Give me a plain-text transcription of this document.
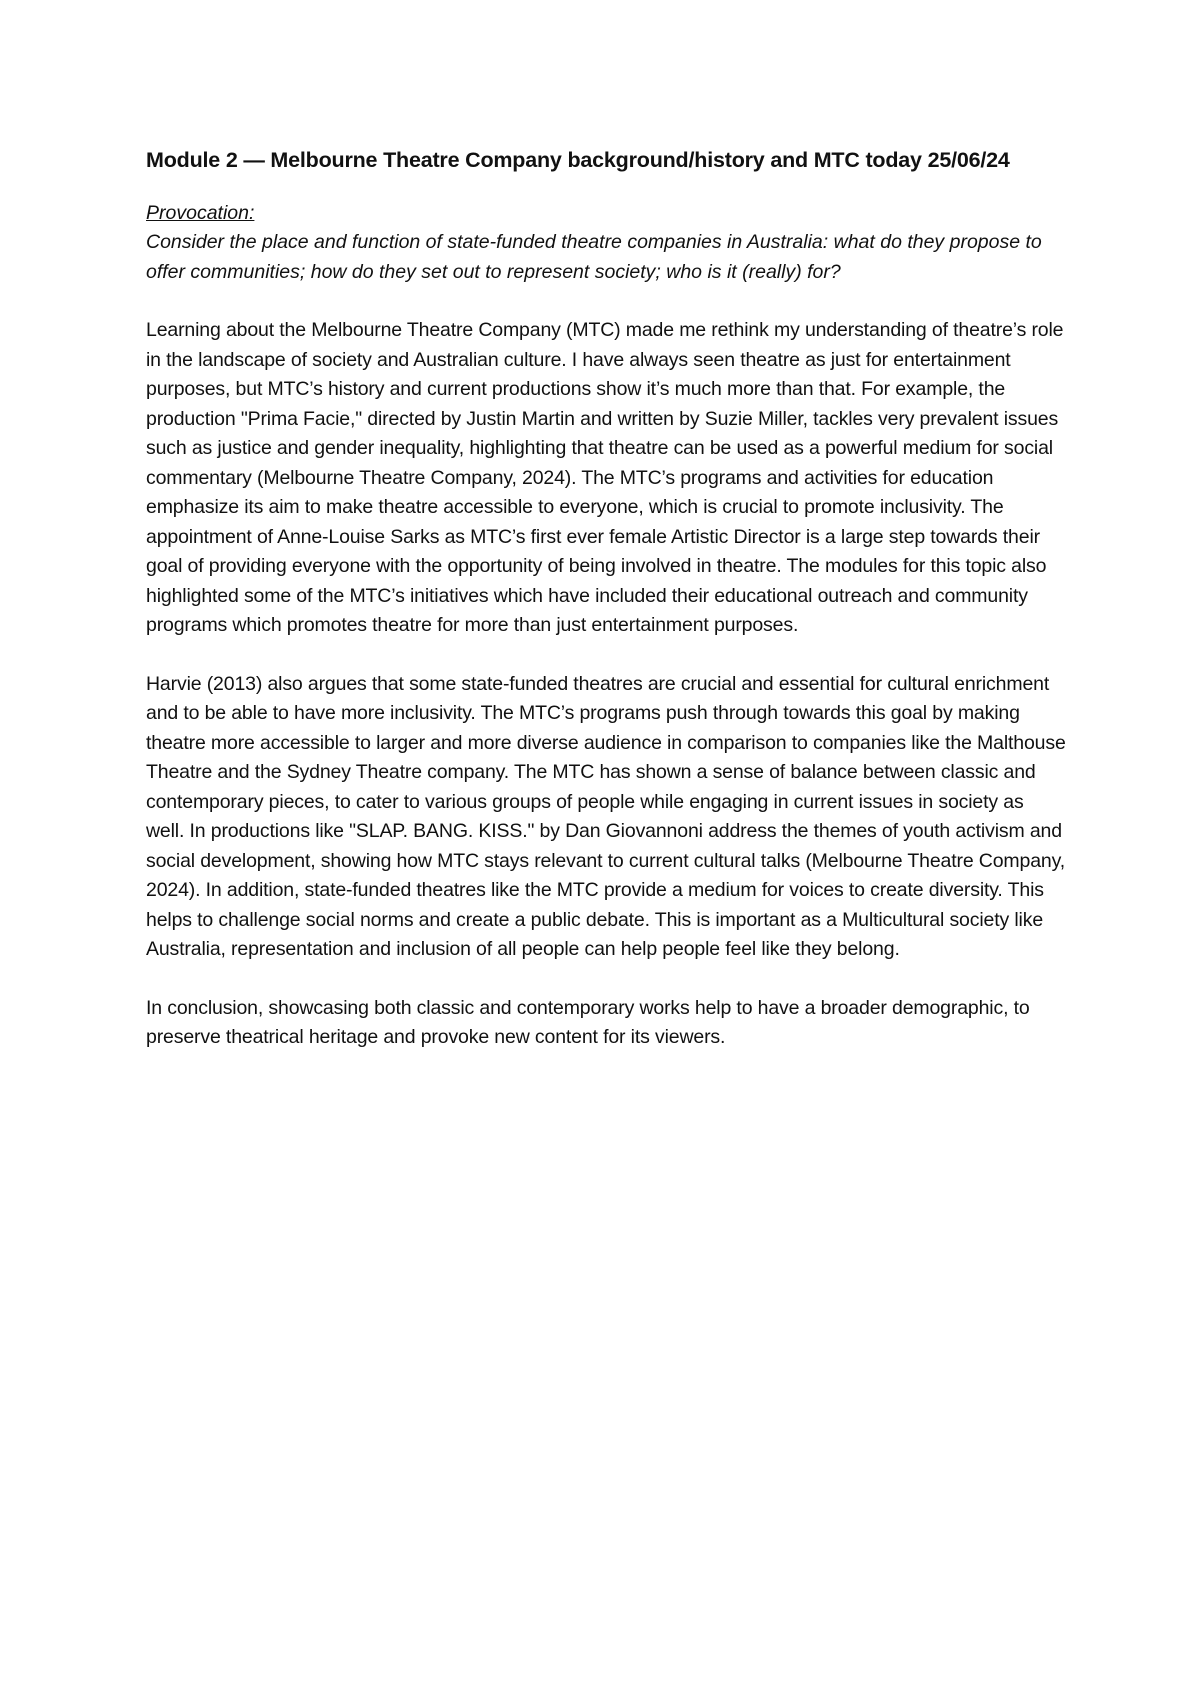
Module 2 — Melbourne Theatre Company background/history and MTC today 25/06/24

Provocation:

Consider the place and function of state-funded theatre companies in Australia: what do they propose to offer communities; how do they set out to represent society; who is it (really) for?

Learning about the Melbourne Theatre Company (MTC) made me rethink my understanding of theatre’s role in the landscape of society and Australian culture. I have always seen theatre as just for entertainment purposes, but MTC’s history and current productions show it’s much more than that. For example, the production "Prima Facie," directed by Justin Martin and written by Suzie Miller, tackles very prevalent issues such as justice and gender inequality, highlighting that theatre can be used as a powerful medium for social commentary (Melbourne Theatre Company, 2024). The MTC’s programs and activities for education emphasize its aim to make theatre accessible to everyone, which is crucial to promote inclusivity. The appointment of Anne-Louise Sarks as MTC’s first ever female Artistic Director is a large step towards their goal of providing everyone with the opportunity of being involved in theatre. The modules for this topic also highlighted some of the MTC’s initiatives which have included their educational outreach and community programs which promotes theatre for more than just entertainment purposes.

Harvie (2013) also argues that some state-funded theatres are crucial and essential for cultural enrichment and to be able to have more inclusivity. The MTC’s programs push through towards this goal by making theatre more accessible to larger and more diverse audience in comparison to companies like the Malthouse Theatre and the Sydney Theatre company. The MTC has shown a sense of balance between classic and contemporary pieces, to cater to various groups of people while engaging in current issues in society as well. In productions like "SLAP. BANG. KISS." by Dan Giovannoni address the themes of youth activism and social development, showing how MTC stays relevant to current cultural talks (Melbourne Theatre Company, 2024). In addition, state-funded theatres like the MTC provide a medium for voices to create diversity. This helps to challenge social norms and create a public debate. This is important as a Multicultural society like Australia, representation and inclusion of all people can help people feel like they belong.

In conclusion, showcasing both classic and contemporary works help to have a broader demographic, to preserve theatrical heritage and provoke new content for its viewers.
